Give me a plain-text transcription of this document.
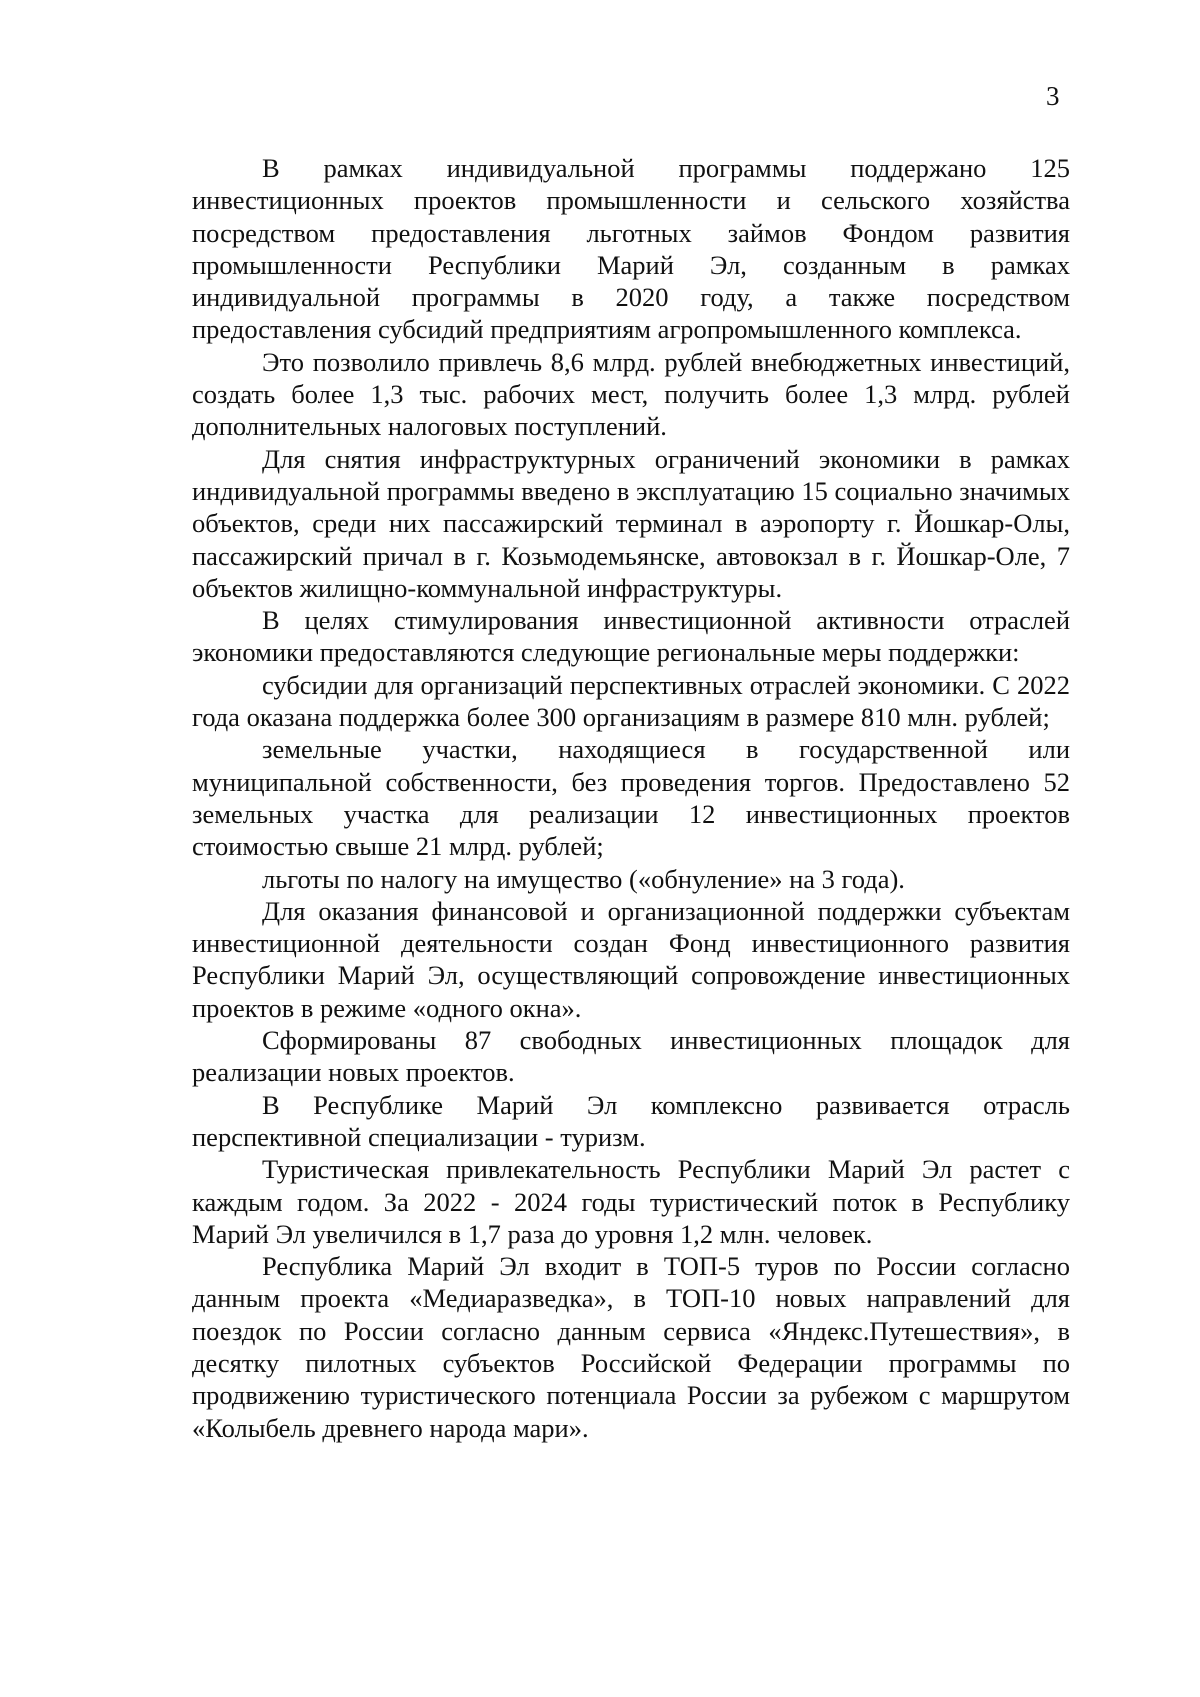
3

В рамках индивидуальной программы поддержано 125 инвестиционных проектов промышленности и сельского хозяйства посредством предоставления льготных займов Фондом развития промышленности Республики Марий Эл, созданным в рамках индивидуальной программы в 2020 году, а также посредством предоставления субсидий предприятиям агропромышленного комплекса.

Это позволило привлечь 8,6 млрд. рублей внебюджетных инвестиций, создать более 1,3 тыс. рабочих мест, получить более 1,3 млрд. рублей дополнительных налоговых поступлений.

Для снятия инфраструктурных ограничений экономики в рамках индивидуальной программы введено в эксплуатацию 15 социально значимых объектов, среди них пассажирский терминал в аэропорту г. Йошкар-Олы, пассажирский причал в г. Козьмодемьянске, автовокзал в г. Йошкар-Оле, 7 объектов жилищно-коммунальной инфраструктуры.

В целях стимулирования инвестиционной активности отраслей экономики предоставляются следующие региональные меры поддержки:

субсидии для организаций перспективных отраслей экономики. С 2022 года оказана поддержка более 300 организациям в размере 810 млн. рублей;

земельные участки, находящиеся в государственной или муниципальной собственности, без проведения торгов. Предоставлено 52 земельных участка для реализации 12 инвестиционных проектов стоимостью свыше 21 млрд. рублей;

льготы по налогу на имущество («обнуление» на 3 года).

Для оказания финансовой и организационной поддержки субъектам инвестиционной деятельности создан Фонд инвестиционного развития Республики Марий Эл, осуществляющий сопровождение инвестиционных проектов в режиме «одного окна».

Сформированы 87 свободных инвестиционных площадок для реализации новых проектов.

В Республике Марий Эл комплексно развивается отрасль перспективной специализации - туризм.

Туристическая привлекательность Республики Марий Эл растет с каждым годом. За 2022 - 2024 годы туристический поток в Республику Марий Эл увеличился в 1,7 раза до уровня 1,2 млн. человек.

Республика Марий Эл входит в ТОП-5 туров по России согласно данным проекта «Медиаразведка», в ТОП-10 новых направлений для поездок по России согласно данным сервиса «Яндекс.Путешествия», в десятку пилотных субъектов Российской Федерации программы по продвижению туристического потенциала России за рубежом с маршрутом «Колыбель древнего народа мари».
